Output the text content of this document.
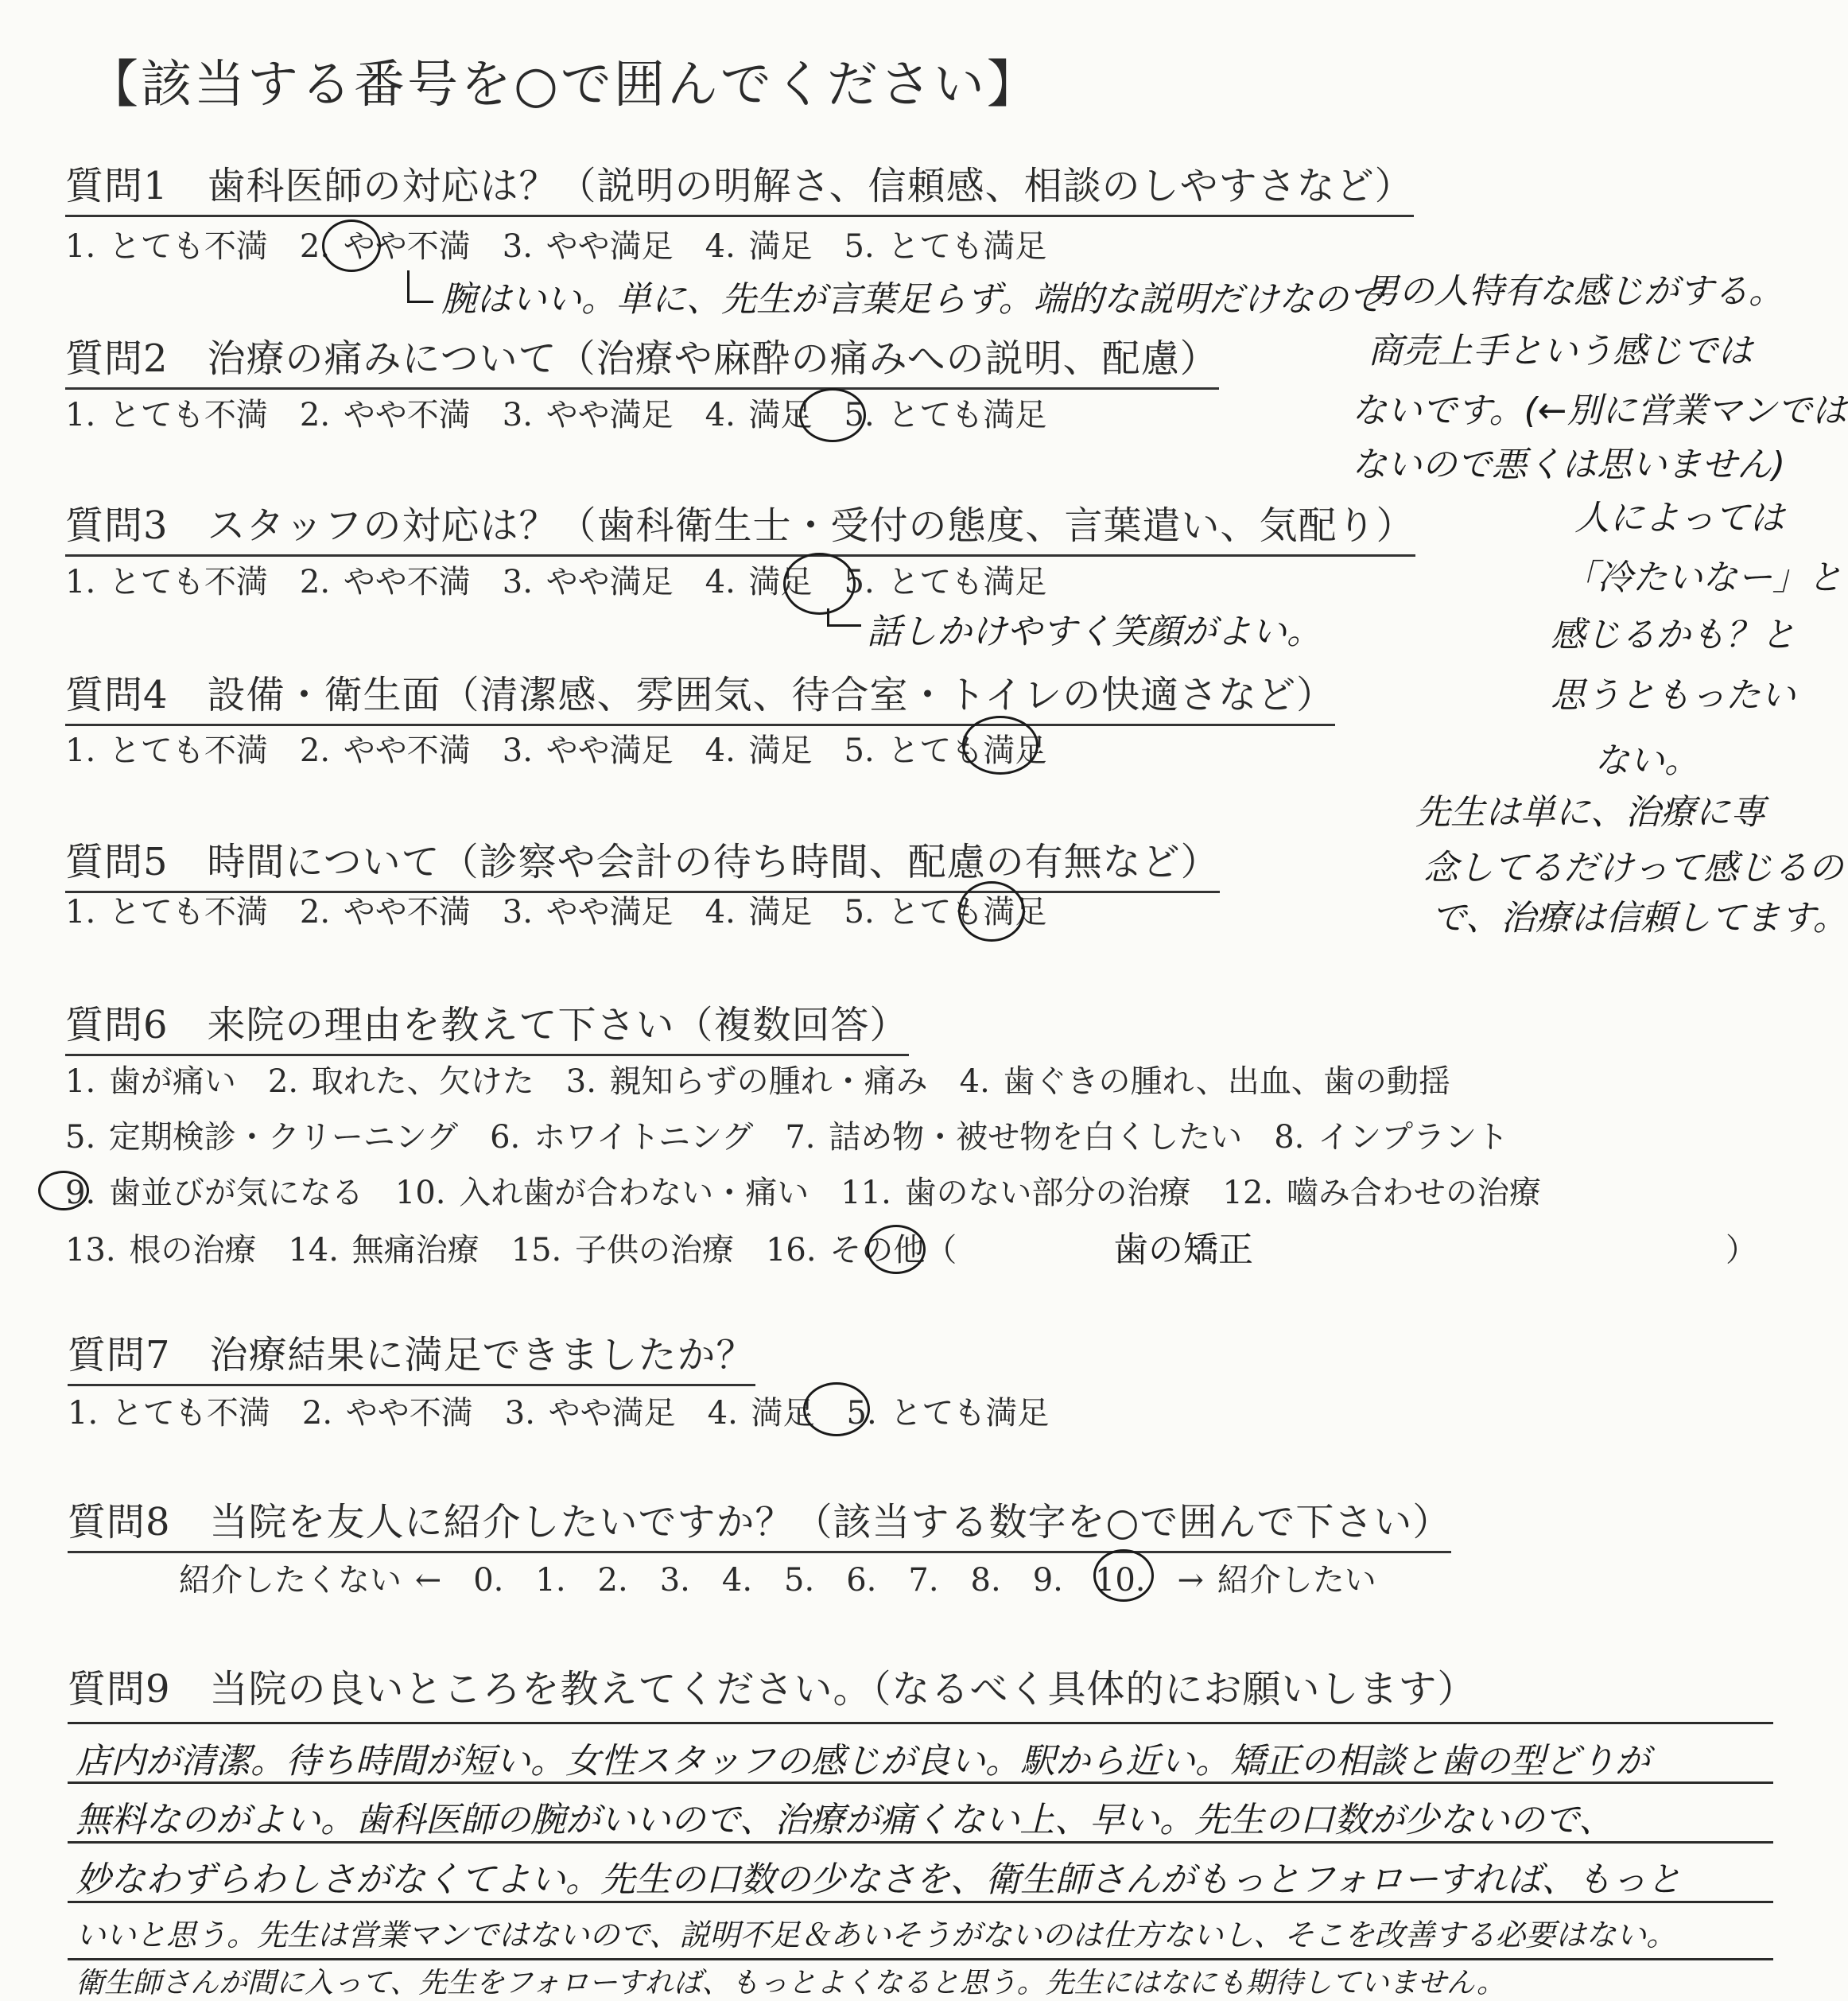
【該当する番号を○で囲んでください】
質問1　歯科医師の対応は？（説明の明解さ、信頼感、相談のしやすさなど）
1. とても不満　2. やや不満　3. やや満足　4. 満足　5. とても満足
腕はいい。単に、先生が言葉足らず。端的な説明だけなので
男の人特有な感じがする。
商売上手という感じでは
ないです。(←別に営業マンでは
ないので悪くは思いません)
人によっては
「冷たいなー」と
感じるかも？と
思うともったい
ない。
先生は単に、治療に専
念してるだけって感じるの
で、治療は信頼してます。
質問2　治療の痛みについて（治療や麻酔の痛みへの説明、配慮）
1. とても不満　2. やや不満　3. やや満足　4. 満足　5. とても満足
質問3　スタッフの対応は？（歯科衛生士・受付の態度、言葉遣い、気配り）
1. とても不満　2. やや不満　3. やや満足　4. 満足　5. とても満足
話しかけやすく笑顔がよい。
質問4　設備・衛生面（清潔感、雰囲気、待合室・トイレの快適さなど）
1. とても不満　2. やや不満　3. やや満足　4. 満足　5. とても満足
質問5　時間について（診察や会計の待ち時間、配慮の有無など）
1. とても不満　2. やや不満　3. やや満足　4. 満足　5. とても満足
質問6　来院の理由を教えて下さい（複数回答）
1. 歯が痛い　2. 取れた、欠けた　3. 親知らずの腫れ・痛み　4. 歯ぐきの腫れ、出血、歯の動揺
5. 定期検診・クリーニング　6. ホワイトニング　7. 詰め物・被せ物を白くしたい　8. インプラント
9. 歯並びが気になる　10. 入れ歯が合わない・痛い　11. 歯のない部分の治療　12. 嚙み合わせの治療
13. 根の治療　14. 無痛治療　15. 子供の治療　16. その他（	歯の矯正	）
質問7　治療結果に満足できましたか？
1. とても不満　2. やや不満　3. やや満足　4. 満足　5. とても満足
質問8　当院を友人に紹介したいですか？（該当する数字を○で囲んで下さい）
紹介したくない ←　0.　1.　2.　3.　4.　5.　6.　7.　8.　9.　10.　→ 紹介したい
質問9　当院の良いところを教えてください。（なるべく具体的にお願いします）
店内が清潔。待ち時間が短い。女性スタッフの感じが良い。駅から近い。矯正の相談と歯の型どりが
無料なのがよい。歯科医師の腕がいいので、治療が痛くない上、早い。先生の口数が少ないので、
妙なわずらわしさがなくてよい。先生の口数の少なさを、衛生師さんがもっとフォローすれば、もっと
いいと思う。先生は営業マンではないので、説明不足＆あいそうがないのは仕方ないし、そこを改善する必要はない。
衛生師さんが間に入って、先生をフォローすれば、もっとよくなると思う。先生にはなにも期待していません。
